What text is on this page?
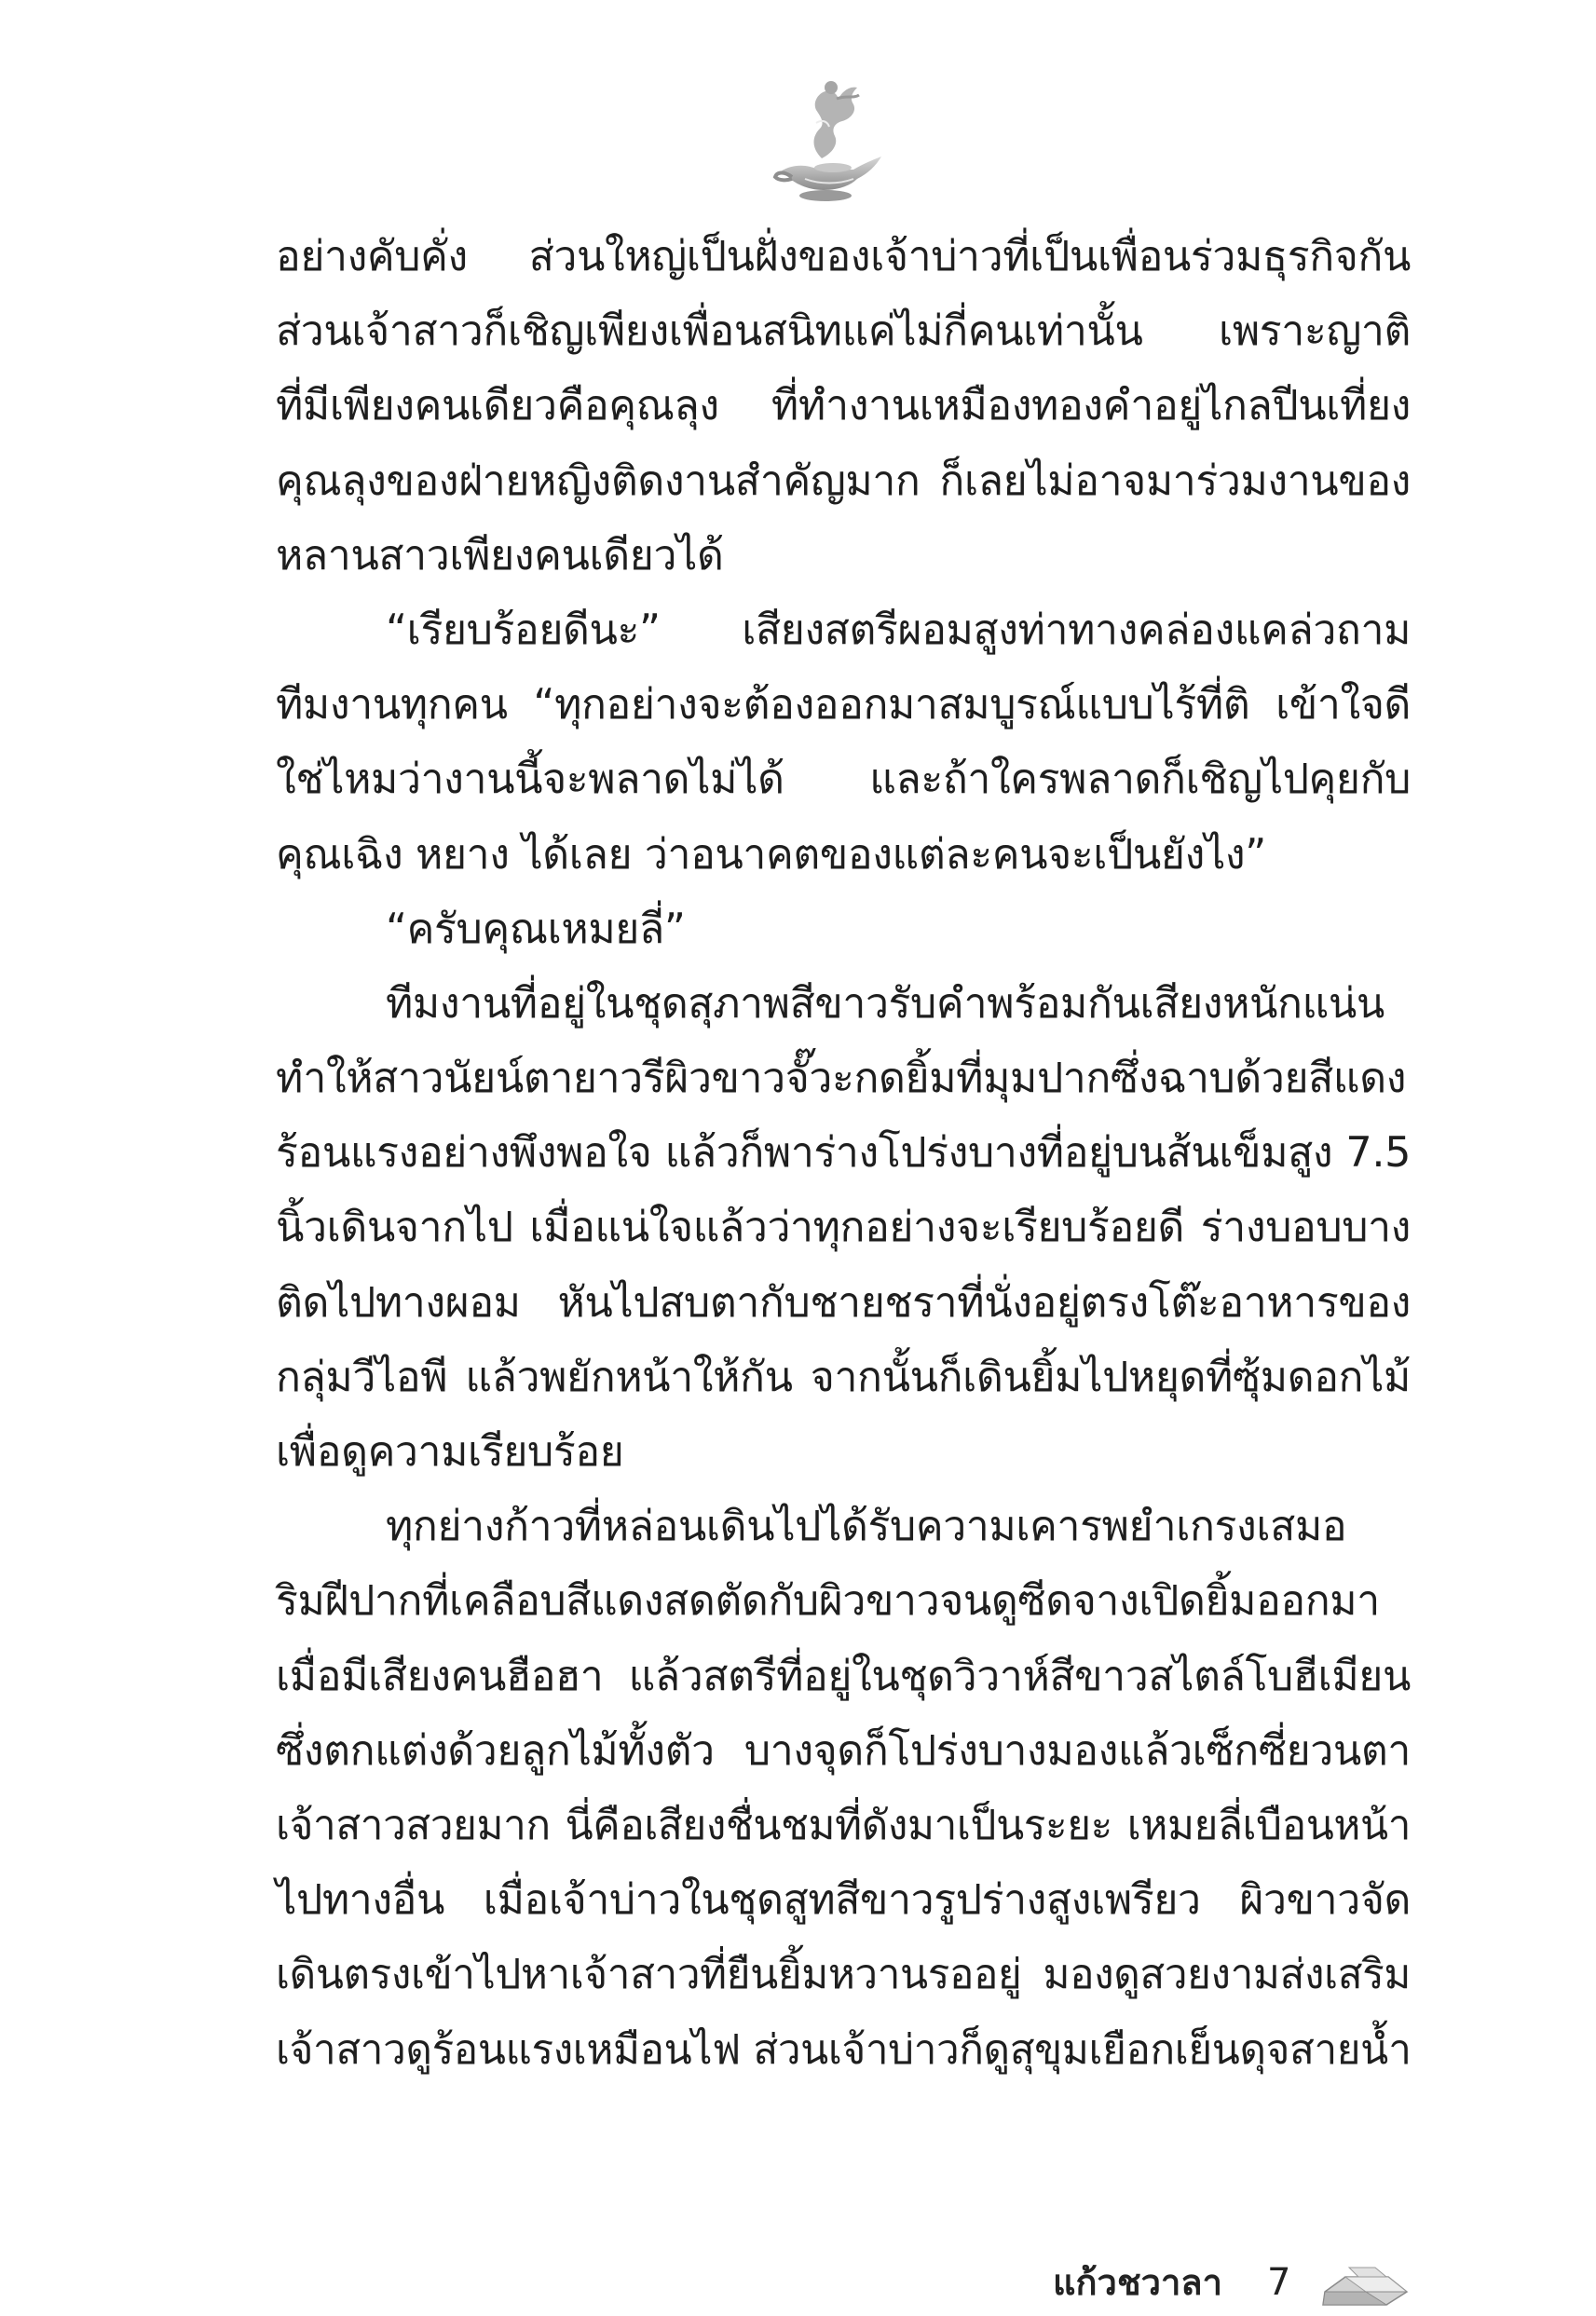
อย่างคับคั่ง ส่วนใหญ่เป็นฝั่งของเจ้าบ่าวที่เป็นเพื่อนร่วมธุรกิจกัน
ส่วนเจ้าสาวก็เชิญเพียงเพื่อนสนิทแค่ไม่กี่คนเท่านั้น เพราะญาติ
ที่มีเพียงคนเดียวคือคุณลุง ที่ทำงานเหมืองทองคำอยู่ไกลปีนเที่ยง
คุณลุงของฝ่ายหญิงติดงานสำคัญมาก ก็เลยไม่อาจมาร่วมงานของ
หลานสาวเพียงคนเดียวได้
“เรียบร้อยดีนะ” เสียงสตรีผอมสูงท่าทางคล่องแคล่วถาม
ทีมงานทุกคน “ทุกอย่างจะต้องออกมาสมบูรณ์แบบไร้ที่ติ เข้าใจดี
ใช่ไหมว่างานนี้จะพลาดไม่ได้ และถ้าใครพลาดก็เชิญไปคุยกับ
คุณเฉิง หยาง ได้เลย ว่าอนาคตของแต่ละคนจะเป็นยังไง”
“ครับคุณเหมยลี่”
ทีมงานที่อยู่ในชุดสุภาพสีขาวรับคำพร้อมกันเสียงหนักแน่น
ทำให้สาวนัยน์ตายาวรีผิวขาวจั๊วะกดยิ้มที่มุมปากซึ่งฉาบด้วยสีแดง
ร้อนแรงอย่างพึงพอใจ แล้วก็พาร่างโปร่งบางที่อยู่บนส้นเข็มสูง 7.5
นิ้วเดินจากไป เมื่อแน่ใจแล้วว่าทุกอย่างจะเรียบร้อยดี ร่างบอบบาง
ติดไปทางผอม หันไปสบตากับชายชราที่นั่งอยู่ตรงโต๊ะอาหารของ
กลุ่มวีไอพี แล้วพยักหน้าให้กัน จากนั้นก็เดินยิ้มไปหยุดที่ซุ้มดอกไม้
เพื่อดูความเรียบร้อย
ทุกย่างก้าวที่หล่อนเดินไปได้รับความเคารพยำเกรงเสมอ
ริมฝีปากที่เคลือบสีแดงสดตัดกับผิวขาวจนดูซีดจางเปิดยิ้มออกมา
เมื่อมีเสียงคนฮือฮา แล้วสตรีที่อยู่ในชุดวิวาห์สีขาวสไตล์โบฮีเมียน
ซึ่งตกแต่งด้วยลูกไม้ทั้งตัว บางจุดก็โปร่งบางมองแล้วเซ็กซี่ยวนตา
เจ้าสาวสวยมาก นี่คือเสียงชื่นชมที่ดังมาเป็นระยะ เหมยลี่เบือนหน้า
ไปทางอื่น เมื่อเจ้าบ่าวในชุดสูทสีขาวรูปร่างสูงเพรียว ผิวขาวจัด
เดินตรงเข้าไปหาเจ้าสาวที่ยืนยิ้มหวานรออยู่ มองดูสวยงามส่งเสริม
เจ้าสาวดูร้อนแรงเหมือนไฟ ส่วนเจ้าบ่าวก็ดูสุขุมเยือกเย็นดุจสายน้ำ
แก้วชวาลา 7
